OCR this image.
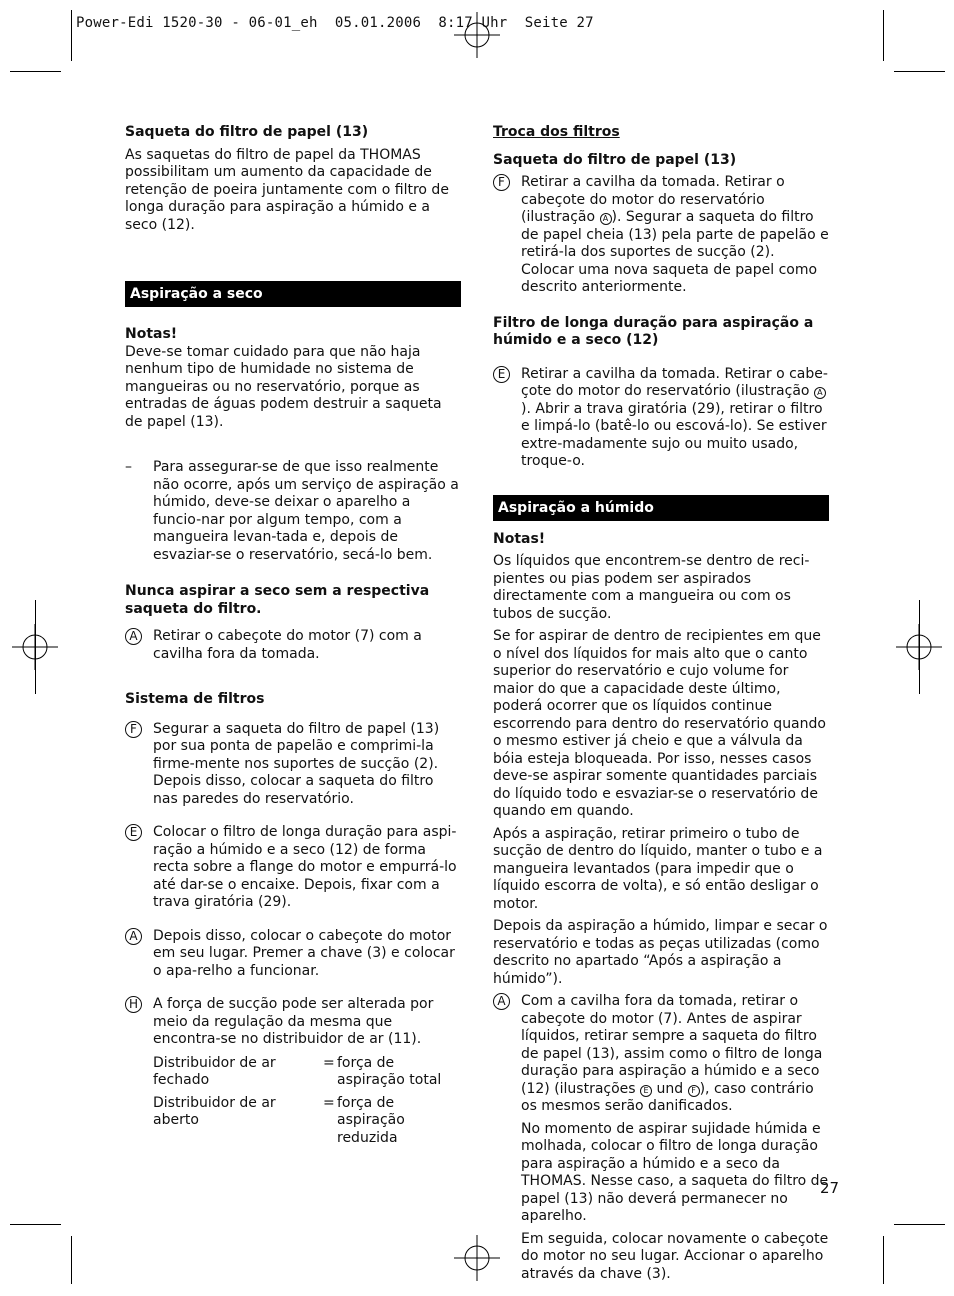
Power-Edi 1520-30 - 06-01_eh  05.01.2006  8:17 Uhr  Seite 27

Saqueta do filtro de papel (13)

As saquetas do filtro de papel da THOMAS possibilitam um aumento da capacidade de retenção de poeira juntamente com o filtro de longa duração para aspiração a húmido e a seco (12).

Aspiração a seco

Notas!

Deve-se tomar cuidado para que não haja nenhum tipo de humidade no sistema de mangueiras ou no reservatório, porque as entradas de águas podem destruir a saqueta de papel (13).

– Para assegurar-se de que isso realmente não ocorre, após um serviço de aspiração a húmido, deve-se deixar o aparelho a funcio-nar por algum tempo, com a mangueira levan-tada e, depois de esvaziar-se o reservatório, secá-lo bem.

Nunca aspirar a seco sem a respectiva saqueta do filtro.

A	Retirar o cabeçote do motor (7) com a cavilha fora da tomada.

Sistema de filtros

F	Segurar a saqueta do filtro de papel (13) por sua ponta de papelão e comprimi-la firme-mente nos suportes de sucção (2). Depois disso, colocar a saqueta do filtro nas paredes do reservatório.

E	Colocar o filtro de longa duração para aspi-ração a húmido e a seco (12) de forma recta sobre a flange do motor e empurrá-lo até dar-se o encaixe. Depois, fixar com a trava giratória (29).

A	Depois disso, colocar o cabeçote do motor em seu lugar. Premer a chave (3) e colocar o apa-relho a funcionar.

H A força de sucção pode ser alterada por meio da regulação da mesma que encontra-se no distribuidor de ar (11).

Distribuidor de ar fechado
= força de aspiração total
Distribuidor de ar aberto
= força de aspiração reduzida

Troca dos filtros

Saqueta do filtro de papel (13)

F	Retirar a cavilha da tomada. Retirar o cabeçote do motor do reservatório (ilustração A ). Segurar a saqueta do filtro de papel cheia (13) pela parte de papelão e retirá-la dos suportes de sucção (2). Colocar uma nova saqueta de papel como descrito anteriormente.

Filtro de longa duração para aspiração a húmido e a seco (12)

E	Retirar a cavilha da tomada. Retirar o cabe-çote do motor do reservatório (ilustração A). Abrir a trava giratória (29), retirar o filtro e limpá-lo (batê-lo ou escová-lo). Se estiver extre-madamente sujo ou muito usado, troque-o.

Aspiração a húmido

Notas!

Os líquidos que encontrem-se dentro de reci-pientes ou pias podem ser aspirados directamente com a mangueira ou com os tubos de sucção.

Se for aspirar de dentro de recipientes em que o nível dos líquidos for mais alto que o canto superior do reservatório e cujo volume for maior do que a capacidade deste último, poderá ocorrer que os líquidos continue escorrendo para dentro do reservatório quando o mesmo estiver já cheio e que a válvula da bóia esteja bloqueada. Por isso, nesses casos deve-se aspirar somente quantidades parciais do líquido todo e esvaziar-se o reservatório de quando em quando.

Após a aspiração, retirar primeiro o tubo de sucção de dentro do líquido, manter o tubo e a mangueira levantados (para impedir que o líquido escorra de volta), e só então desligar o motor.

Depois da aspiração a húmido, limpar e secar o reservatório e todas as peças utilizadas (como descrito no apartado “Após a aspiração a húmido”).

A	Com a cavilha fora da tomada, retirar o cabeçote do motor (7). Antes de aspirar líquidos, retirar sempre a saqueta do filtro de papel (13), assim como o filtro de longa duração para aspiração a húmido e a seco (12) (ilustrações E und F ), caso contrário os mesmos serão danificados.

No momento de aspirar sujidade húmida e molhada, colocar o filtro de longa duração para aspiração a húmido e a seco da THOMAS. Nesse caso, a saqueta do filtro de papel (13) não deverá permanecer no aparelho.

Em seguida, colocar novamente o cabeçote do motor no seu lugar. Accionar o aparelho através da chave (3).

27
